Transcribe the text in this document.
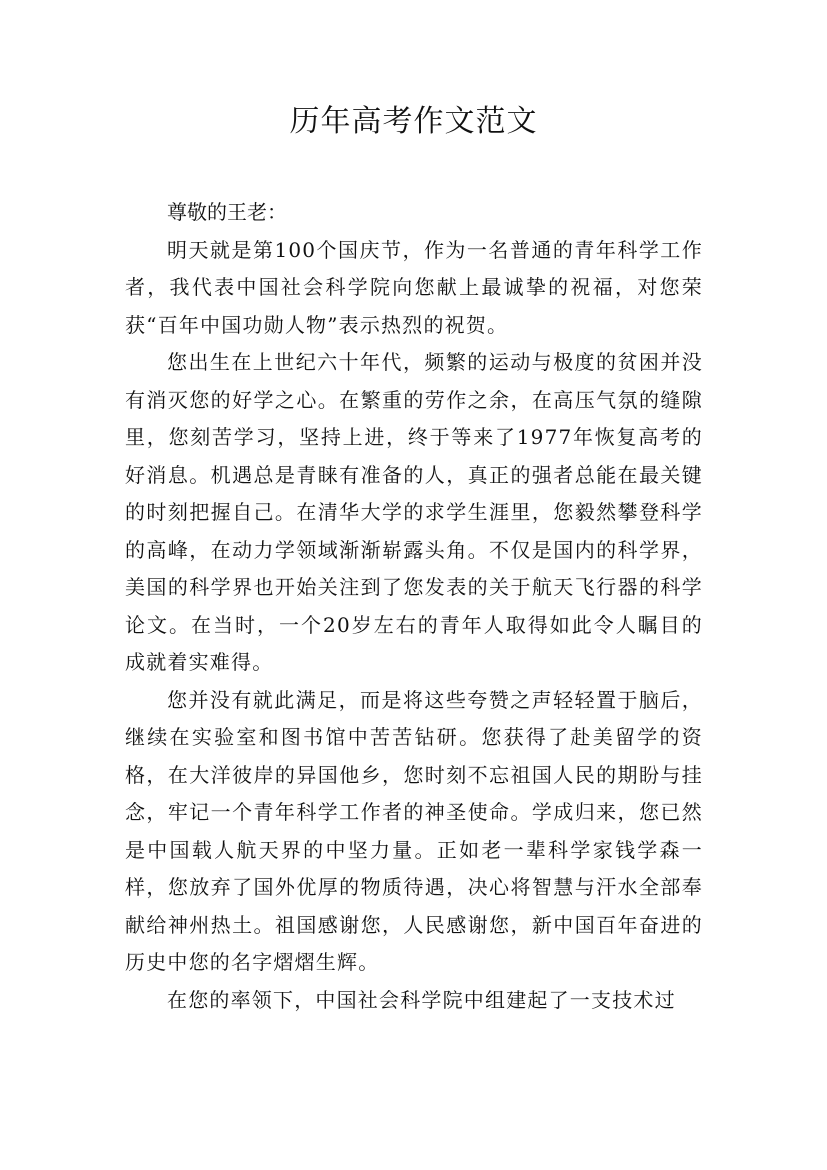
历年高考作文范文

尊敬的王老：

明天就是第100个国庆节，作为一名普通的青年科学工作者，我代表中国社会科学院向您献上最诚挚的祝福，对您荣获“百年中国功勋人物”表示热烈的祝贺。

您出生在上世纪六十年代，频繁的运动与极度的贫困并没有消灭您的好学之心。在繁重的劳作之余，在高压气氛的缝隙里，您刻苦学习，坚持上进，终于等来了1977年恢复高考的好消息。机遇总是青睐有准备的人，真正的强者总能在最关键的时刻把握自己。在清华大学的求学生涯里，您毅然攀登科学的高峰，在动力学领域渐渐崭露头角。不仅是国内的科学界，美国的科学界也开始关注到了您发表的关于航天飞行器的科学论文。在当时，一个20岁左右的青年人取得如此令人瞩目的成就着实难得。

您并没有就此满足，而是将这些夸赞之声轻轻置于脑后，继续在实验室和图书馆中苦苦钻研。您获得了赴美留学的资格，在大洋彼岸的异国他乡，您时刻不忘祖国人民的期盼与挂念，牢记一个青年科学工作者的神圣使命。学成归来，您已然是中国载人航天界的中坚力量。正如老一辈科学家钱学森一样，您放弃了国外优厚的物质待遇，决心将智慧与汗水全部奉献给神州热土。祖国感谢您，人民感谢您，新中国百年奋进的历史中您的名字熠熠生辉。

在您的率领下，中国社会科学院中组建起了一支技术过
